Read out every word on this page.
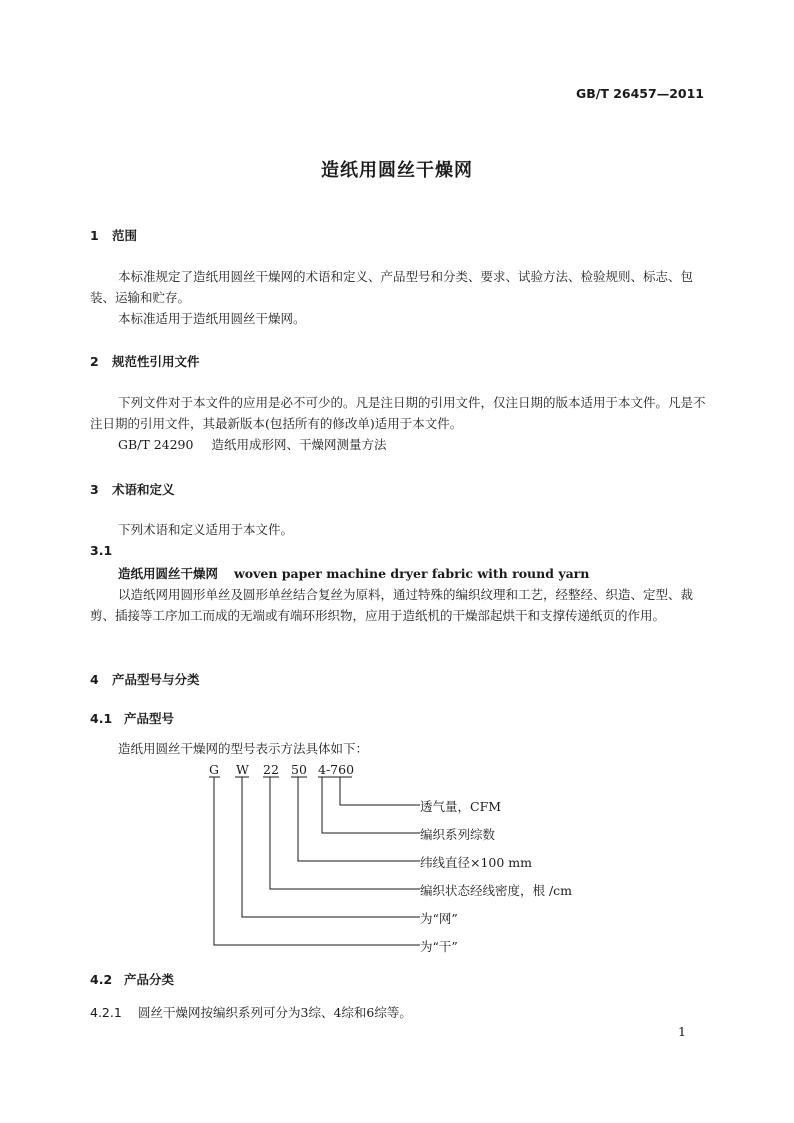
GB/T 26457—2011
造纸用圆丝干燥网
1 范围
本标准规定了造纸用圆丝干燥网的术语和定义、产品型号和分类、要求、试验方法、检验规则、标志、包装、运输和贮存。
本标准适用于造纸用圆丝干燥网。
2 规范性引用文件
下列文件对于本文件的应用是必不可少的。凡是注日期的引用文件，仅注日期的版本适用于本文件。凡是不注日期的引用文件，其最新版本(包括所有的修改单)适用于本文件。
GB/T 24290 造纸用成形网、干燥网测量方法
3 术语和定义
下列术语和定义适用于本文件。
3.1
造纸用圆丝干燥网 woven paper machine dryer fabric with round yarn
以造纸网用圆形单丝及圆形单丝结合复丝为原料，通过特殊的编织纹理和工艺，经整经、织造、定型、裁剪、插接等工序加工而成的无端或有端环形织物，应用于造纸机的干燥部起烘干和支撑传递纸页的作用。
4 产品型号与分类
4.1 产品型号
造纸用圆丝干燥网的型号表示方法具体如下：
G W 22 50 4-760
透气量，CFM
编织系列综数
纬线直径×100 mm
编织状态经线密度，根 /cm
为“网”
为“干”
4.2 产品分类
4.2.1 圆丝干燥网按编织系列可分为3综、4综和6综等。
1
